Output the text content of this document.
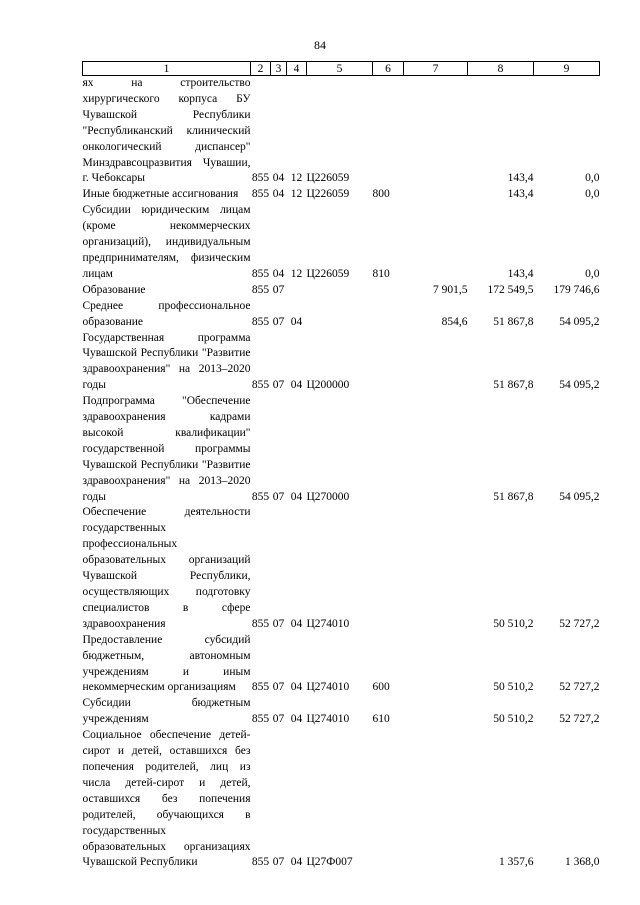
84
1	2	3	4	5	6	7	8	9
ях на строительство хирургического корпуса БУ Чувашской Республики "Республиканский клинический онкологический диспансер" Минздравсоцразвития Чувашии, г. Чебоксары	855	04	12	Ц226059			143,4	0,0
Иные бюджетные ассигнования	855	04	12	Ц226059	800		143,4	0,0
Субсидии юридическим лицам (кроме некоммерческих организаций), индивидуальным предпринимателям, физическим лицам	855	04	12	Ц226059	810		143,4	0,0
Образование	855	07				7 901,5	172 549,5	179 746,6
Среднее профессиональное образование	855	07	04			854,6	51 867,8	54 095,2
Государственная программа Чувашской Республики "Развитие здравоохранения" на 2013–2020 годы	855	07	04	Ц200000			51 867,8	54 095,2
Подпрограмма "Обеспечение здравоохранения кадрами высокой квалификации" государственной программы Чувашской Республики "Развитие здравоохранения" на 2013–2020 годы	855	07	04	Ц270000			51 867,8	54 095,2
Обеспечение деятельности государственных профессиональных образовательных организаций Чувашской Республики, осуществляющих подготовку специалистов в сфере здравоохранения	855	07	04	Ц274010			50 510,2	52 727,2
Предоставление субсидий бюджетным, автономным учреждениям и иным некоммерческим организациям	855	07	04	Ц274010	600		50 510,2	52 727,2
Субсидии бюджетным учреждениям	855	07	04	Ц274010	610		50 510,2	52 727,2
Социальное обеспечение детей-сирот и детей, оставшихся без попечения родителей, лиц из числа детей-сирот и детей, оставшихся без попечения родителей, обучающихся в государственных образовательных организациях Чувашской Республики	855	07	04	Ц27Ф007			1 357,6	1 368,0
